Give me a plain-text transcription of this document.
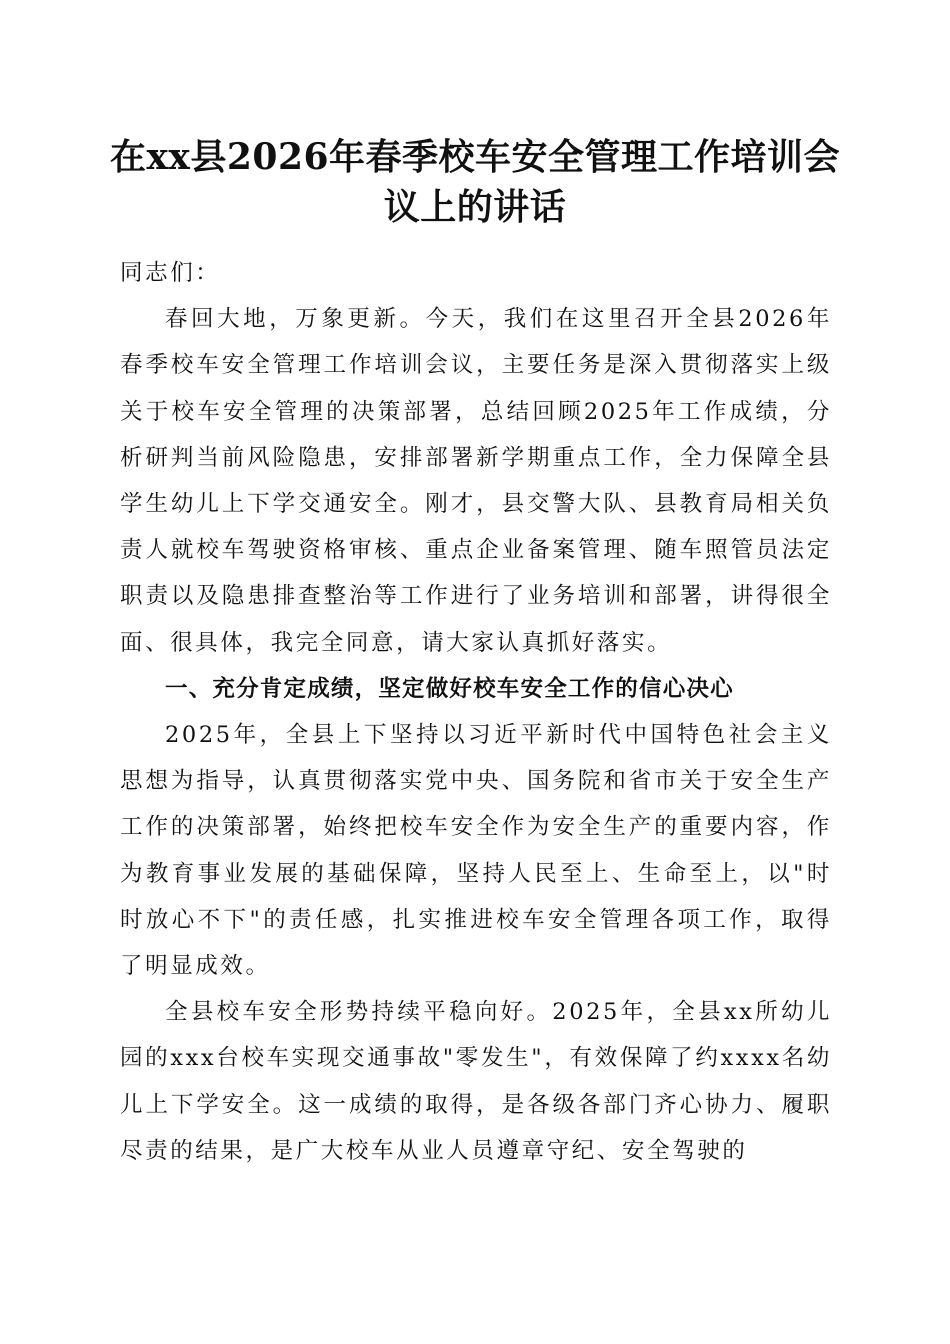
在xx县2026年春季校车安全管理工作培训会议上的讲话

同志们：

春回大地，万象更新。今天，我们在这里召开全县2026年春季校车安全管理工作培训会议，主要任务是深入贯彻落实上级关于校车安全管理的决策部署，总结回顾2025年工作成绩，分析研判当前风险隐患，安排部署新学期重点工作，全力保障全县学生幼儿上下学交通安全。刚才，县交警大队、县教育局相关负责人就校车驾驶资格审核、重点企业备案管理、随车照管员法定职责以及隐患排查整治等工作进行了业务培训和部署，讲得很全面、很具体，我完全同意，请大家认真抓好落实。

一、充分肯定成绩，坚定做好校车安全工作的信心决心

2025年，全县上下坚持以习近平新时代中国特色社会主义思想为指导，认真贯彻落实党中央、国务院和省市关于安全生产工作的决策部署，始终把校车安全作为安全生产的重要内容，作为教育事业发展的基础保障，坚持人民至上、生命至上，以"时时放心不下"的责任感，扎实推进校车安全管理各项工作，取得了明显成效。

全县校车安全形势持续平稳向好。2025年，全县xx所幼儿园的xxx台校车实现交通事故"零发生"，有效保障了约xxxx名幼儿上下学安全。这一成绩的取得，是各级各部门齐心协力、履职尽责的结果，是广大校车从业人员遵章守纪、安全驾驶的
